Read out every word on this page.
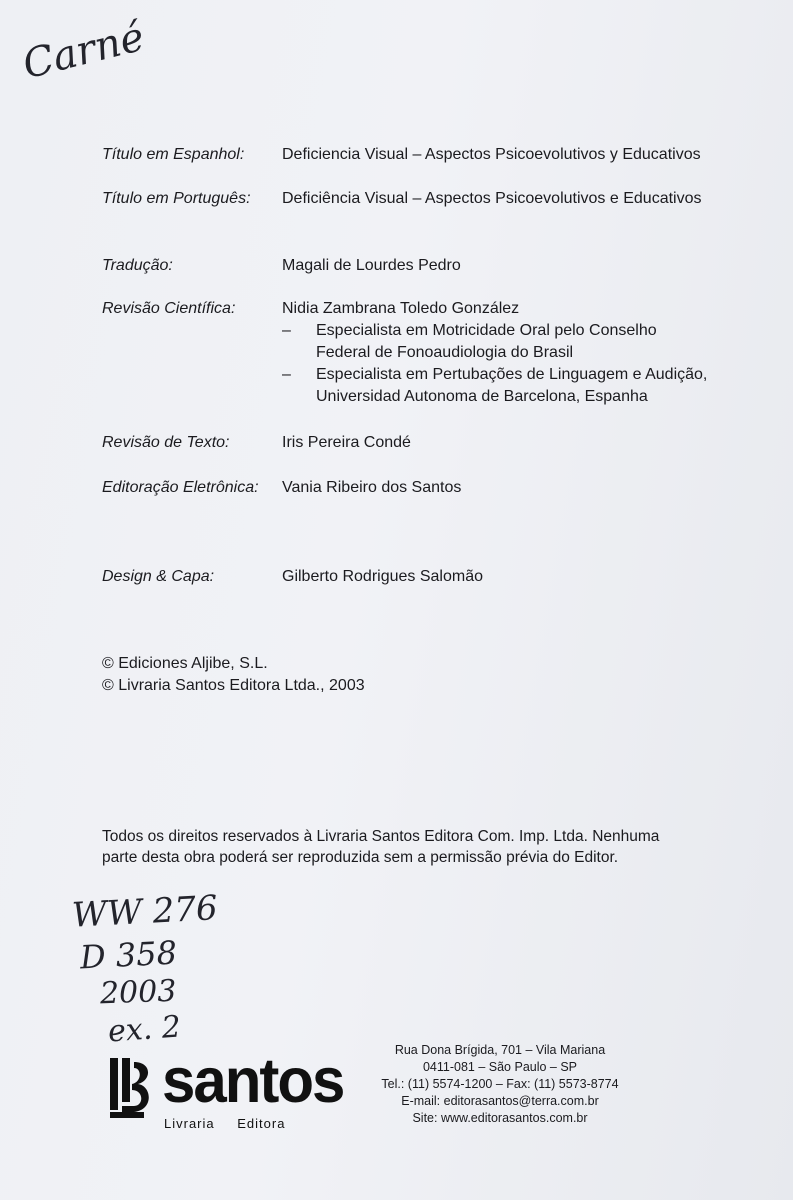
Carné
Título em Espanhol: Deficiencia Visual – Aspectos Psicoevolutivos y Educativos
Título em Português: Deficiência Visual – Aspectos Psicoevolutivos e Educativos
Tradução:	Magali de Lourdes Pedro
Revisão Científica:	Nidia Zambrana Toledo González
– Especialista em Motricidade Oral pelo Conselho
Federal de Fonoaudiologia do Brasil
– Especialista em Pertubações de Linguagem e Audição,
Universidad Autonoma de Barcelona, Espanha
Revisão de Texto:	Iris Pereira Condé
Editoração Eletrônica: Vania Ribeiro dos Santos
Design & Capa:	Gilberto Rodrigues Salomão
© Ediciones Aljibe, S.L.
© Livraria Santos Editora Ltda., 2003
Todos os direitos reservados à Livraria Santos Editora Com. Imp. Ltda. Nenhuma
parte desta obra poderá ser reproduzida sem a permissão prévia do Editor.
WW 276
D 358
2003
ex. 2
santos
Livraria Editora
Rua Dona Brígida, 701 – Vila Mariana
0411-081 – São Paulo – SP
Tel.: (11) 5574-1200 – Fax: (11) 5573-8774
E-mail: editorasantos@terra.com.br
Site: www.editorasantos.com.br
